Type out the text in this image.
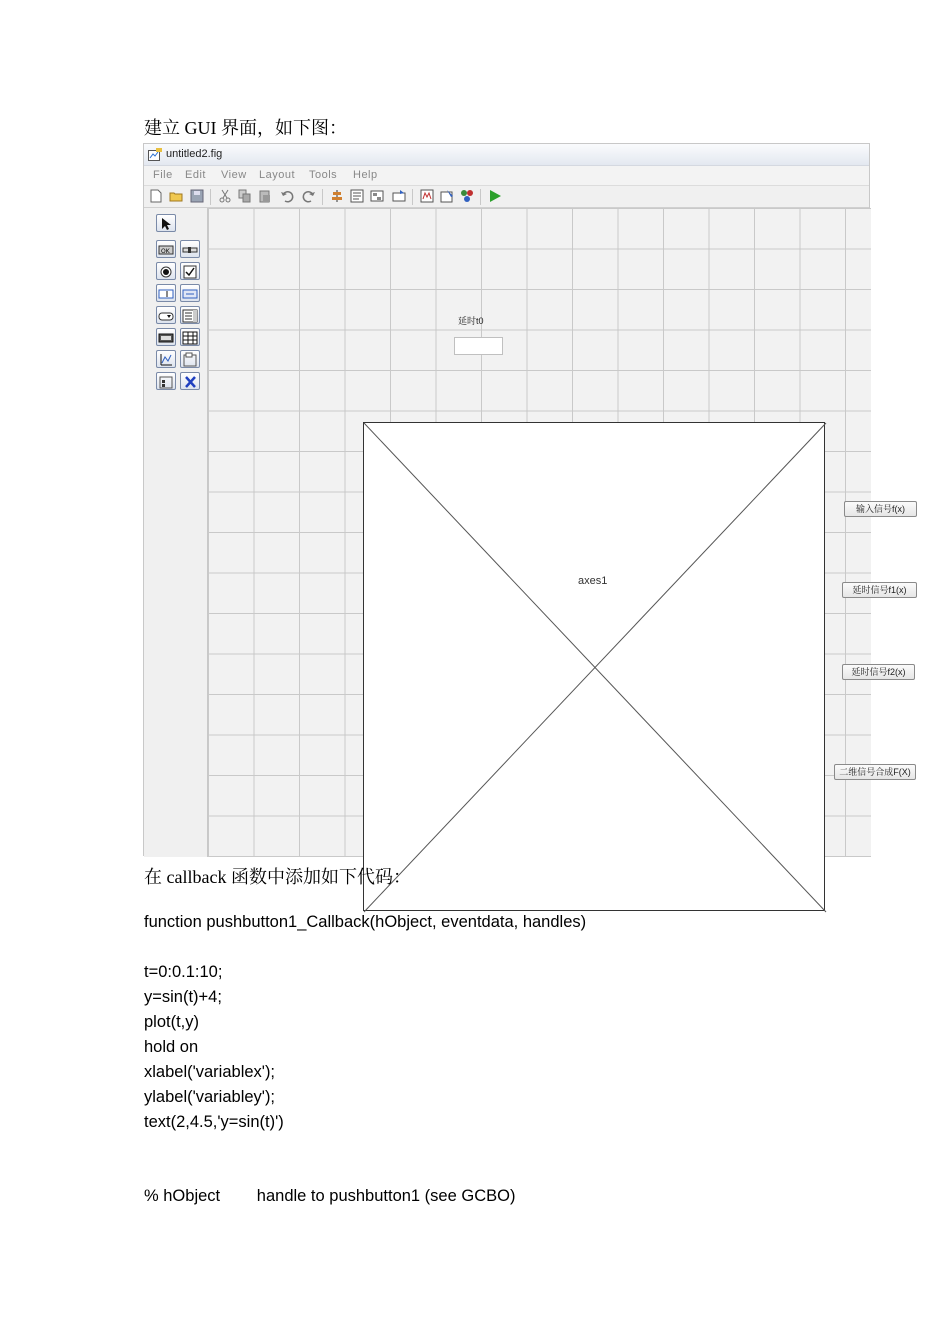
建立 GUI 界面，如下图：
untitled2.fig
File Edit View Layout Tools Help
OK
延时t0
axes1
输入信号f(x)
延时信号f1(x)
延时信号f2(x)
二维信号合成F(X)
在 callback 函数中添加如下代码：
function pushbutton1_Callback(hObject, eventdata, handles)
t=0:0.1:10;
y=sin(t)+4;
plot(t,y)
hold on
xlabel('variablex');
ylabel('variabley');
text(2,4.5,'y=sin(t)')
% hObject        handle to pushbutton1 (see GCBO)
